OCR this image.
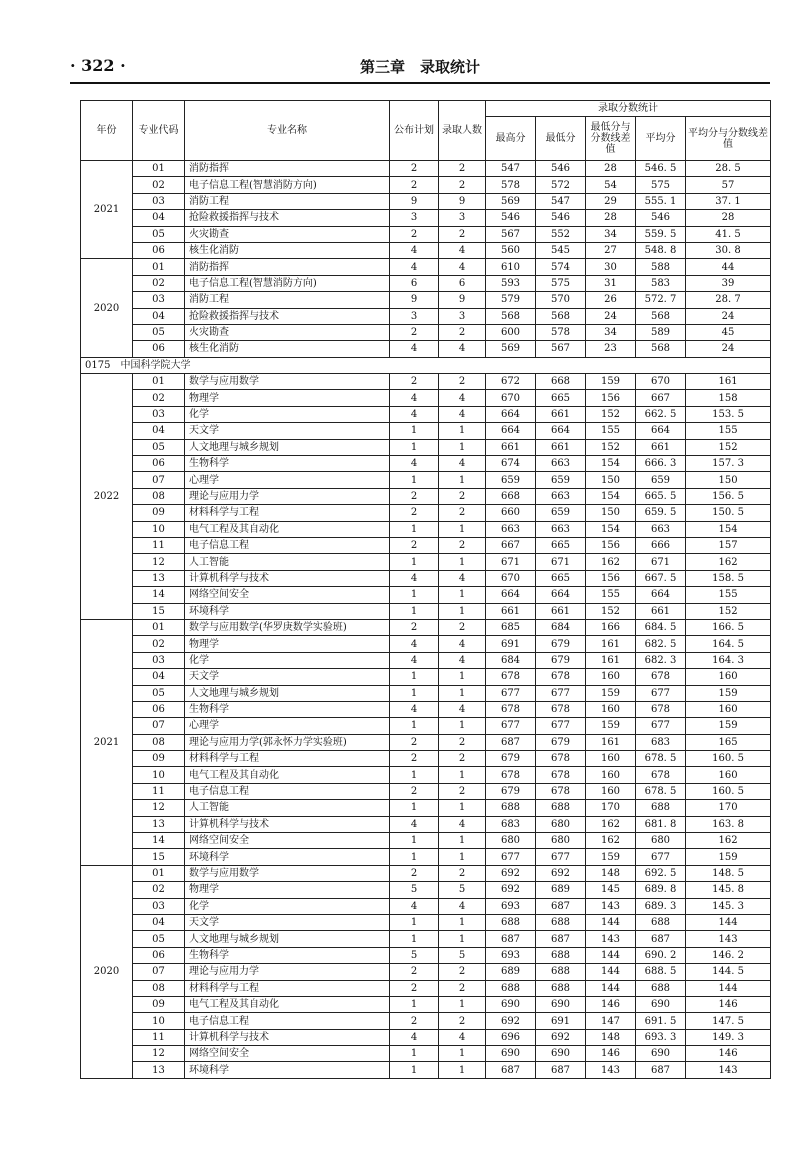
· 322 ·	第三章　录取统计
年份	专业代码	专业名称	公布计划	录取人数	录取分数统计				
					最高分	最低分	最低分与分数线差值	平均分	平均分与分数线差值
2021	01	消防指挥	2	2	547	546	28	546. 5	28. 5
	02	电子信息工程(智慧消防方向)	2	2	578	572	54	575	57
	03	消防工程	9	9	569	547	29	555. 1	37. 1
	04	抢险救援指挥与技术	3	3	546	546	28	546	28
	05	火灾勘查	2	2	567	552	34	559. 5	41. 5
	06	核生化消防	4	4	560	545	27	548. 8	30. 8
2020	01	消防指挥	4	4	610	574	30	588	44
	02	电子信息工程(智慧消防方向)	6	6	593	575	31	583	39
	03	消防工程	9	9	579	570	26	572. 7	28. 7
	04	抢险救援指挥与技术	3	3	568	568	24	568	24
	05	火灾勘查	2	2	600	578	34	589	45
	06	核生化消防	4	4	569	567	23	568	24
0175　中国科学院大学									
2022	01	数学与应用数学	2	2	672	668	159	670	161
	02	物理学	4	4	670	665	156	667	158
	03	化学	4	4	664	661	152	662. 5	153. 5
	04	天文学	1	1	664	664	155	664	155
	05	人文地理与城乡规划	1	1	661	661	152	661	152
	06	生物科学	4	4	674	663	154	666. 3	157. 3
	07	心理学	1	1	659	659	150	659	150
	08	理论与应用力学	2	2	668	663	154	665. 5	156. 5
	09	材料科学与工程	2	2	660	659	150	659. 5	150. 5
	10	电气工程及其自动化	1	1	663	663	154	663	154
	11	电子信息工程	2	2	667	665	156	666	157
	12	人工智能	1	1	671	671	162	671	162
	13	计算机科学与技术	4	4	670	665	156	667. 5	158. 5
	14	网络空间安全	1	1	664	664	155	664	155
	15	环境科学	1	1	661	661	152	661	152
2021	01	数学与应用数学(华罗庚数学实验班)	2	2	685	684	166	684. 5	166. 5
	02	物理学	4	4	691	679	161	682. 5	164. 5
	03	化学	4	4	684	679	161	682. 3	164. 3
	04	天文学	1	1	678	678	160	678	160
	05	人文地理与城乡规划	1	1	677	677	159	677	159
	06	生物科学	4	4	678	678	160	678	160
	07	心理学	1	1	677	677	159	677	159
	08	理论与应用力学(郭永怀力学实验班)	2	2	687	679	161	683	165
	09	材料科学与工程	2	2	679	678	160	678. 5	160. 5
	10	电气工程及其自动化	1	1	678	678	160	678	160
	11	电子信息工程	2	2	679	678	160	678. 5	160. 5
	12	人工智能	1	1	688	688	170	688	170
	13	计算机科学与技术	4	4	683	680	162	681. 8	163. 8
	14	网络空间安全	1	1	680	680	162	680	162
	15	环境科学	1	1	677	677	159	677	159
2020	01	数学与应用数学	2	2	692	692	148	692. 5	148. 5
	02	物理学	5	5	692	689	145	689. 8	145. 8
	03	化学	4	4	693	687	143	689. 3	145. 3
	04	天文学	1	1	688	688	144	688	144
	05	人文地理与城乡规划	1	1	687	687	143	687	143
	06	生物科学	5	5	693	688	144	690. 2	146. 2
	07	理论与应用力学	2	2	689	688	144	688. 5	144. 5
	08	材料科学与工程	2	2	688	688	144	688	144
	09	电气工程及其自动化	1	1	690	690	146	690	146
	10	电子信息工程	2	2	692	691	147	691. 5	147. 5
	11	计算机科学与技术	4	4	696	692	148	693. 3	149. 3
	12	网络空间安全	1	1	690	690	146	690	146
	13	环境科学	1	1	687	687	143	687	143
